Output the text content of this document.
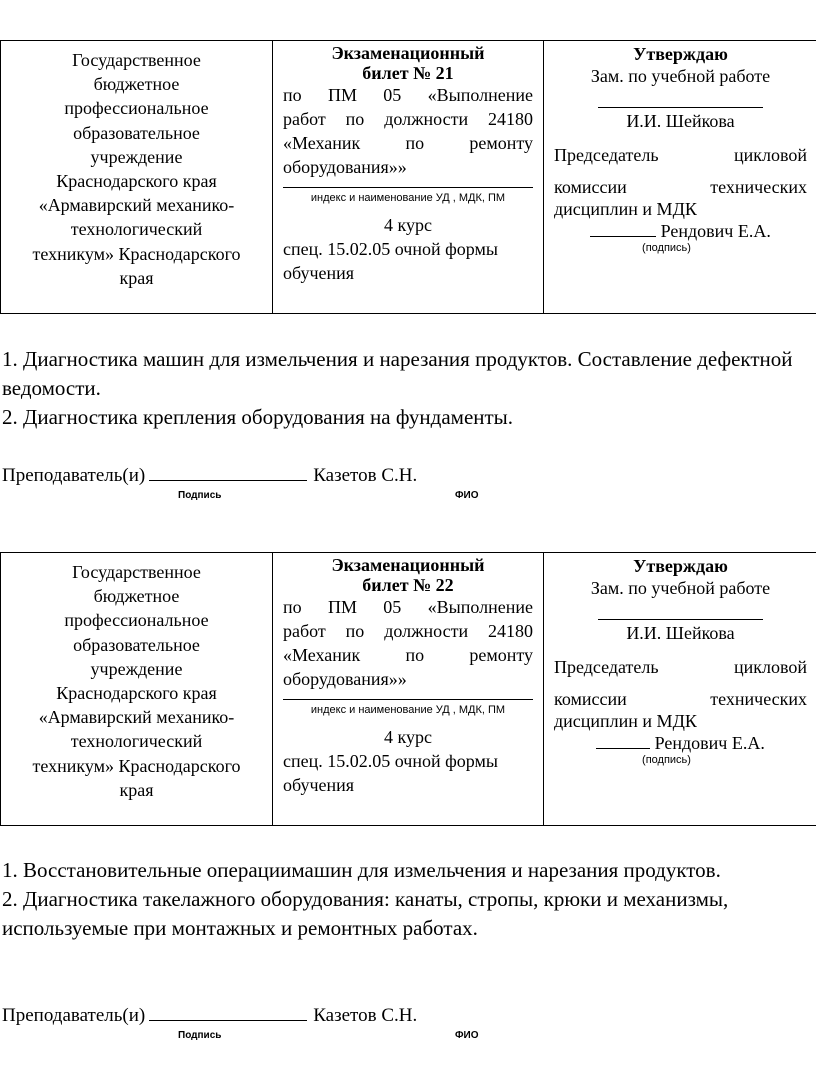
Государственное
бюджетное
профессиональное
образовательное
учреждение
Краснодарского края
«Армавирский механико-
технологический
техникум» Краснодарского
края

Экзаменационный
билет № 21
по ПМ 05 «Выполнение
работ по должности 24180
«Механик по ремонту
оборудования»»
индекс и наименование УД , МДК, ПМ
4 курс
спец. 15.02.05 очной формы
обучения

Утверждаю
Зам. по учебной работе
И.И. Шейкова
Председатель цикловой
комиссии технических
дисциплин и МДК
Рендович Е.А.
(подпись)
1. Диагностика машин для измельчения и нарезания продуктов. Составление дефектной ведомости.
2. Диагностика крепления оборудования на фундаменты.
Преподаватель(и)	Казетов С.Н.
Подпись	ФИО
Государственное
бюджетное
профессиональное
образовательное
учреждение
Краснодарского края
«Армавирский механико-
технологический
техникум» Краснодарского
края

Экзаменационный
билет № 22
по ПМ 05 «Выполнение
работ по должности 24180
«Механик по ремонту
оборудования»»
индекс и наименование УД , МДК, ПМ
4 курс
спец. 15.02.05 очной формы
обучения

Утверждаю
Зам. по учебной работе
И.И. Шейкова
Председатель цикловой
комиссии технических
дисциплин и МДК
Рендович Е.А.
(подпись)
1. Восстановительные операциимашин для измельчения и нарезания продуктов.
2. Диагностика такелажного оборудования: канаты, стропы, крюки и механизмы, используемые при монтажных и ремонтных работах.
Преподаватель(и)	Казетов С.Н.
Подпись	ФИО
